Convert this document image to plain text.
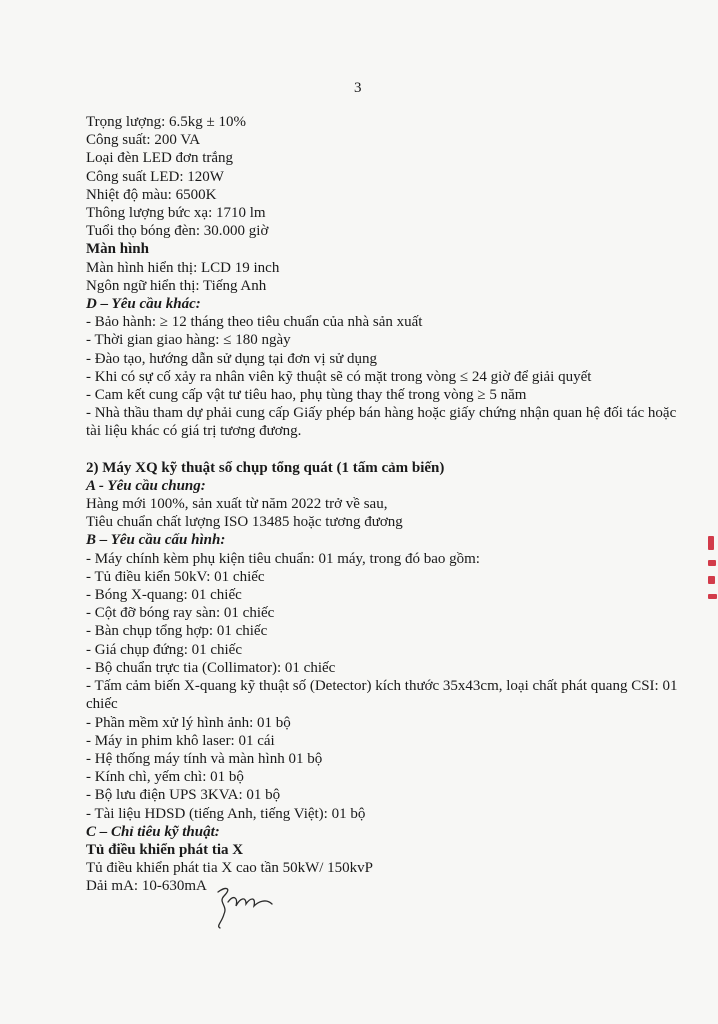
3
Trọng lượng: 6.5kg ± 10%
Công suất: 200 VA
Loại đèn LED đơn trắng
Công suất LED: 120W
Nhiệt độ màu: 6500K
Thông lượng bức xạ: 1710 lm
Tuổi thọ bóng đèn: 30.000 giờ
Màn hình
Màn hình hiển thị: LCD 19 inch
Ngôn ngữ hiển thị: Tiếng Anh
D – Yêu cầu khác:
- Bảo hành: ≥ 12 tháng theo tiêu chuẩn của nhà sản xuất
- Thời gian giao hàng: ≤ 180 ngày
- Đào tạo, hướng dẫn sử dụng tại đơn vị sử dụng
- Khi có sự cố xảy ra nhân viên kỹ thuật sẽ có mặt trong vòng ≤ 24 giờ để giải quyết
- Cam kết cung cấp vật tư tiêu hao, phụ tùng thay thế trong vòng ≥ 5 năm
- Nhà thầu tham dự phải cung cấp Giấy phép bán hàng hoặc giấy chứng nhận quan hệ đối tác hoặc tài liệu khác có giá trị tương đương.
2) Máy XQ kỹ thuật số chụp tổng quát (1 tấm cảm biến)
A - Yêu cầu chung:
Hàng mới 100%, sản xuất từ năm 2022 trở về sau,
Tiêu chuẩn chất lượng ISO 13485 hoặc tương đương
B – Yêu cầu cấu hình:
- Máy chính kèm phụ kiện tiêu chuẩn: 01 máy, trong đó bao gồm:
- Tủ điều kiển 50kV: 01 chiếc
- Bóng X-quang: 01 chiếc
- Cột đỡ bóng ray sàn: 01 chiếc
- Bàn chụp tổng hợp: 01 chiếc
- Giá chụp đứng: 01 chiếc
- Bộ chuẩn trực tia (Collimator): 01 chiếc
- Tấm cảm biến X-quang kỹ thuật số (Detector) kích thước 35x43cm, loại chất phát quang CSI: 01 chiếc
- Phần mềm xử lý hình ảnh: 01 bộ
- Máy in phim khô laser: 01 cái
- Hệ thống máy tính và màn hình 01 bộ
- Kính chì, yếm chì: 01 bộ
- Bộ lưu điện UPS 3KVA: 01 bộ
- Tài liệu HDSD (tiếng Anh, tiếng Việt): 01 bộ
C – Chỉ tiêu kỹ thuật:
Tủ điều khiển phát tia X
Tủ điều khiển phát tia X cao tần 50kW/ 150kvP
Dải mA: 10-630mA
